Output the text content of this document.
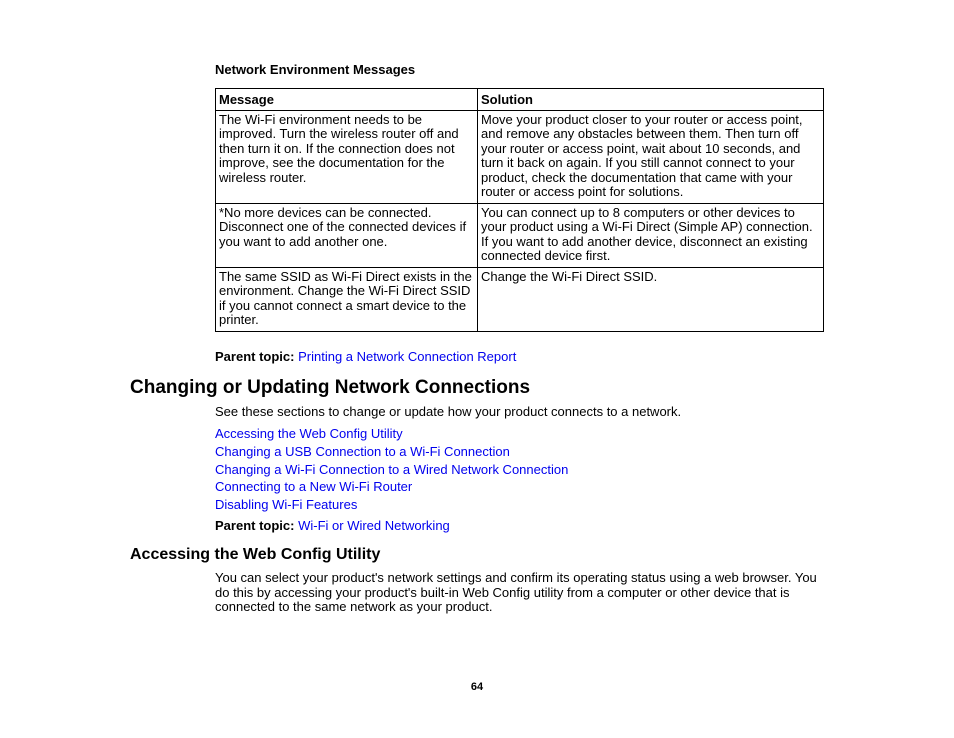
Network Environment Messages
Message	Solution
The Wi-Fi environment needs to be improved. Turn the wireless router off and then turn it on. If the connection does not improve, see the documentation for the wireless router.	Move your product closer to your router or access point, and remove any obstacles between them. Then turn off your router or access point, wait about 10 seconds, and turn it back on again. If you still cannot connect to your product, check the documentation that came with your router or access point for solutions.
*No more devices can be connected. Disconnect one of the connected devices if you want to add another one.	You can connect up to 8 computers or other devices to your product using a Wi-Fi Direct (Simple AP) connection. If you want to add another device, disconnect an existing connected device first.
The same SSID as Wi-Fi Direct exists in the environment. Change the Wi-Fi Direct SSID if you cannot connect a smart device to the printer.	Change the Wi-Fi Direct SSID.
Parent topic: Printing a Network Connection Report
Changing or Updating Network Connections
See these sections to change or update how your product connects to a network.
Accessing the Web Config Utility
Changing a USB Connection to a Wi-Fi Connection
Changing a Wi-Fi Connection to a Wired Network Connection
Connecting to a New Wi-Fi Router
Disabling Wi-Fi Features
Parent topic: Wi-Fi or Wired Networking
Accessing the Web Config Utility
You can select your product's network settings and confirm its operating status using a web browser. You do this by accessing your product's built-in Web Config utility from a computer or other device that is connected to the same network as your product.
64
